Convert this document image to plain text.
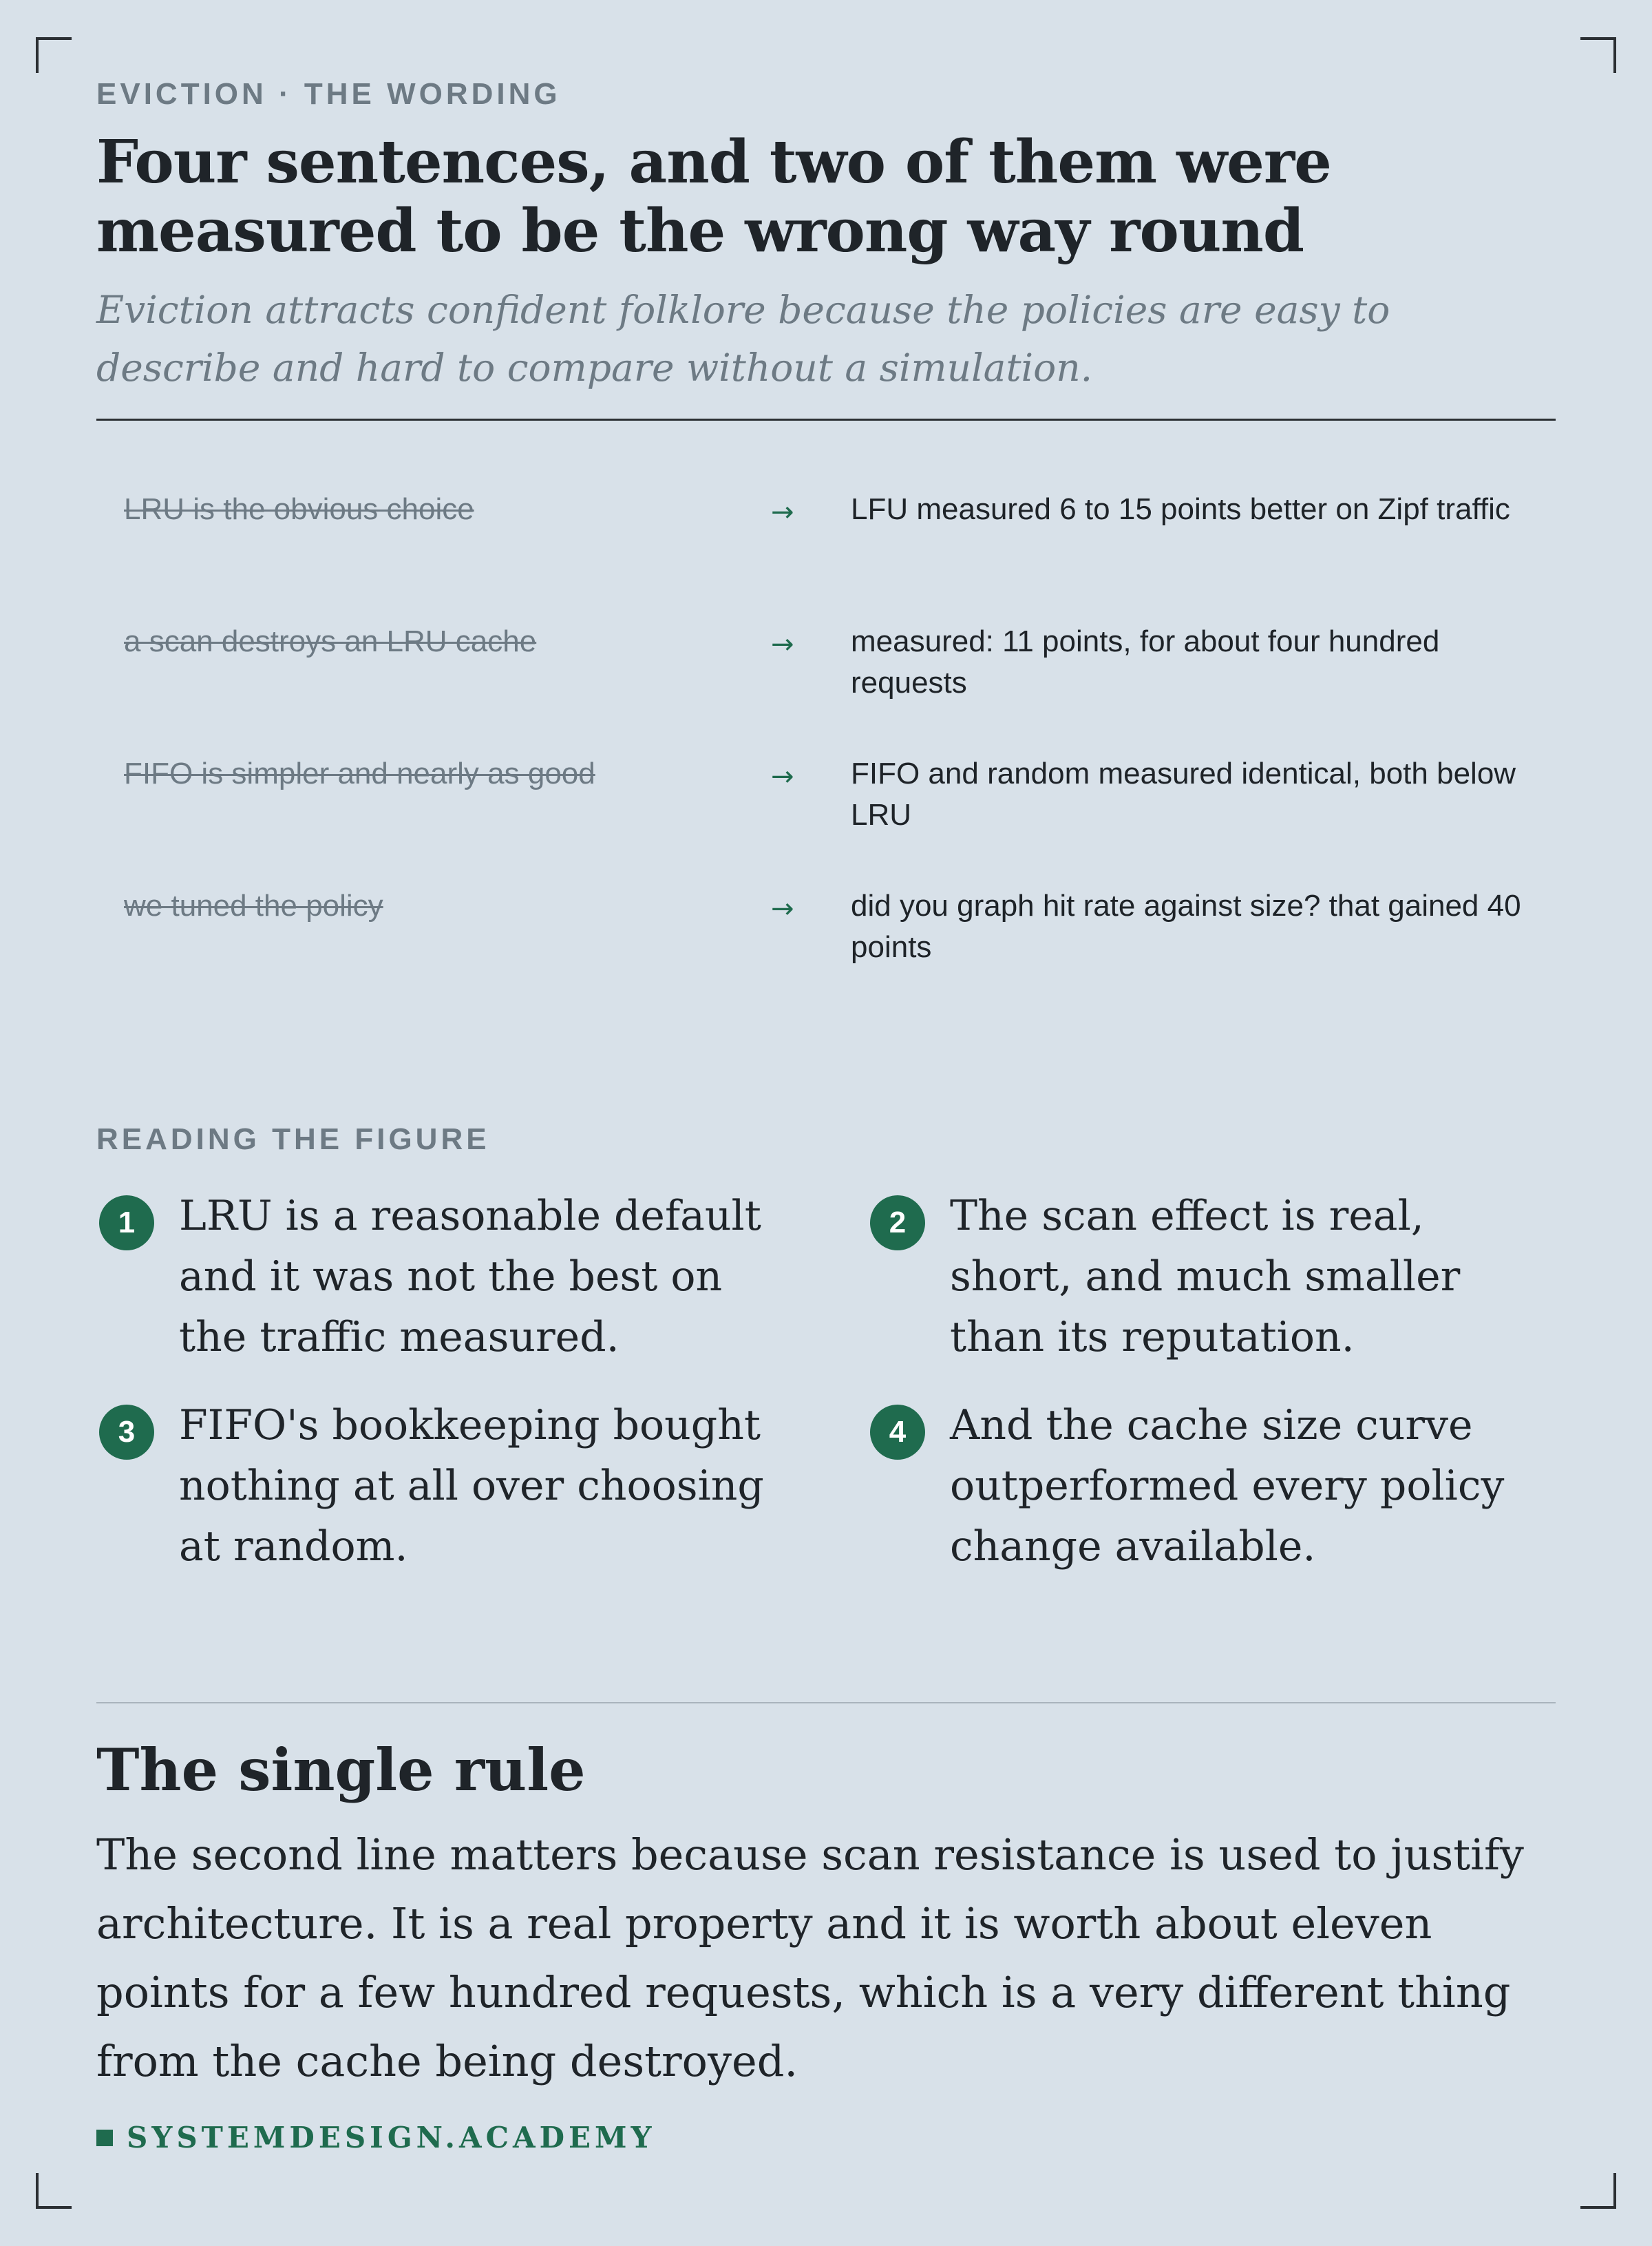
EVICTION · THE WORDING
Four sentences, and two of them were measured to be the wrong way round

Eviction attracts confident folklore because the policies are easy to describe and hard to compare without a simulation.

LRU is the obvious choice	→ LFU measured 6 to 15 points better on Zipf traffic
a scan destroys an LRU cache	→ measured: 11 points, for about four hundred requests
FIFO is simpler and nearly as good	→ FIFO and random measured identical, both below LRU
we tuned the policy	→ did you graph hit rate against size? that gained 40 points
READING THE FIGURE
1	LRU is a reasonable default and it was not the best on the traffic measured.
2	The scan effect is real, short, and much smaller than its reputation.
3	FIFO's bookkeeping bought nothing at all over choosing at random.
4	And the cache size curve outperformed every policy change available.
The single rule

The second line matters because scan resistance is used to justify architecture. It is a real property and it is worth about eleven points for a few hundred requests, which is a very different thing from the cache being destroyed.

SYSTEMDESIGN.ACADEMY
